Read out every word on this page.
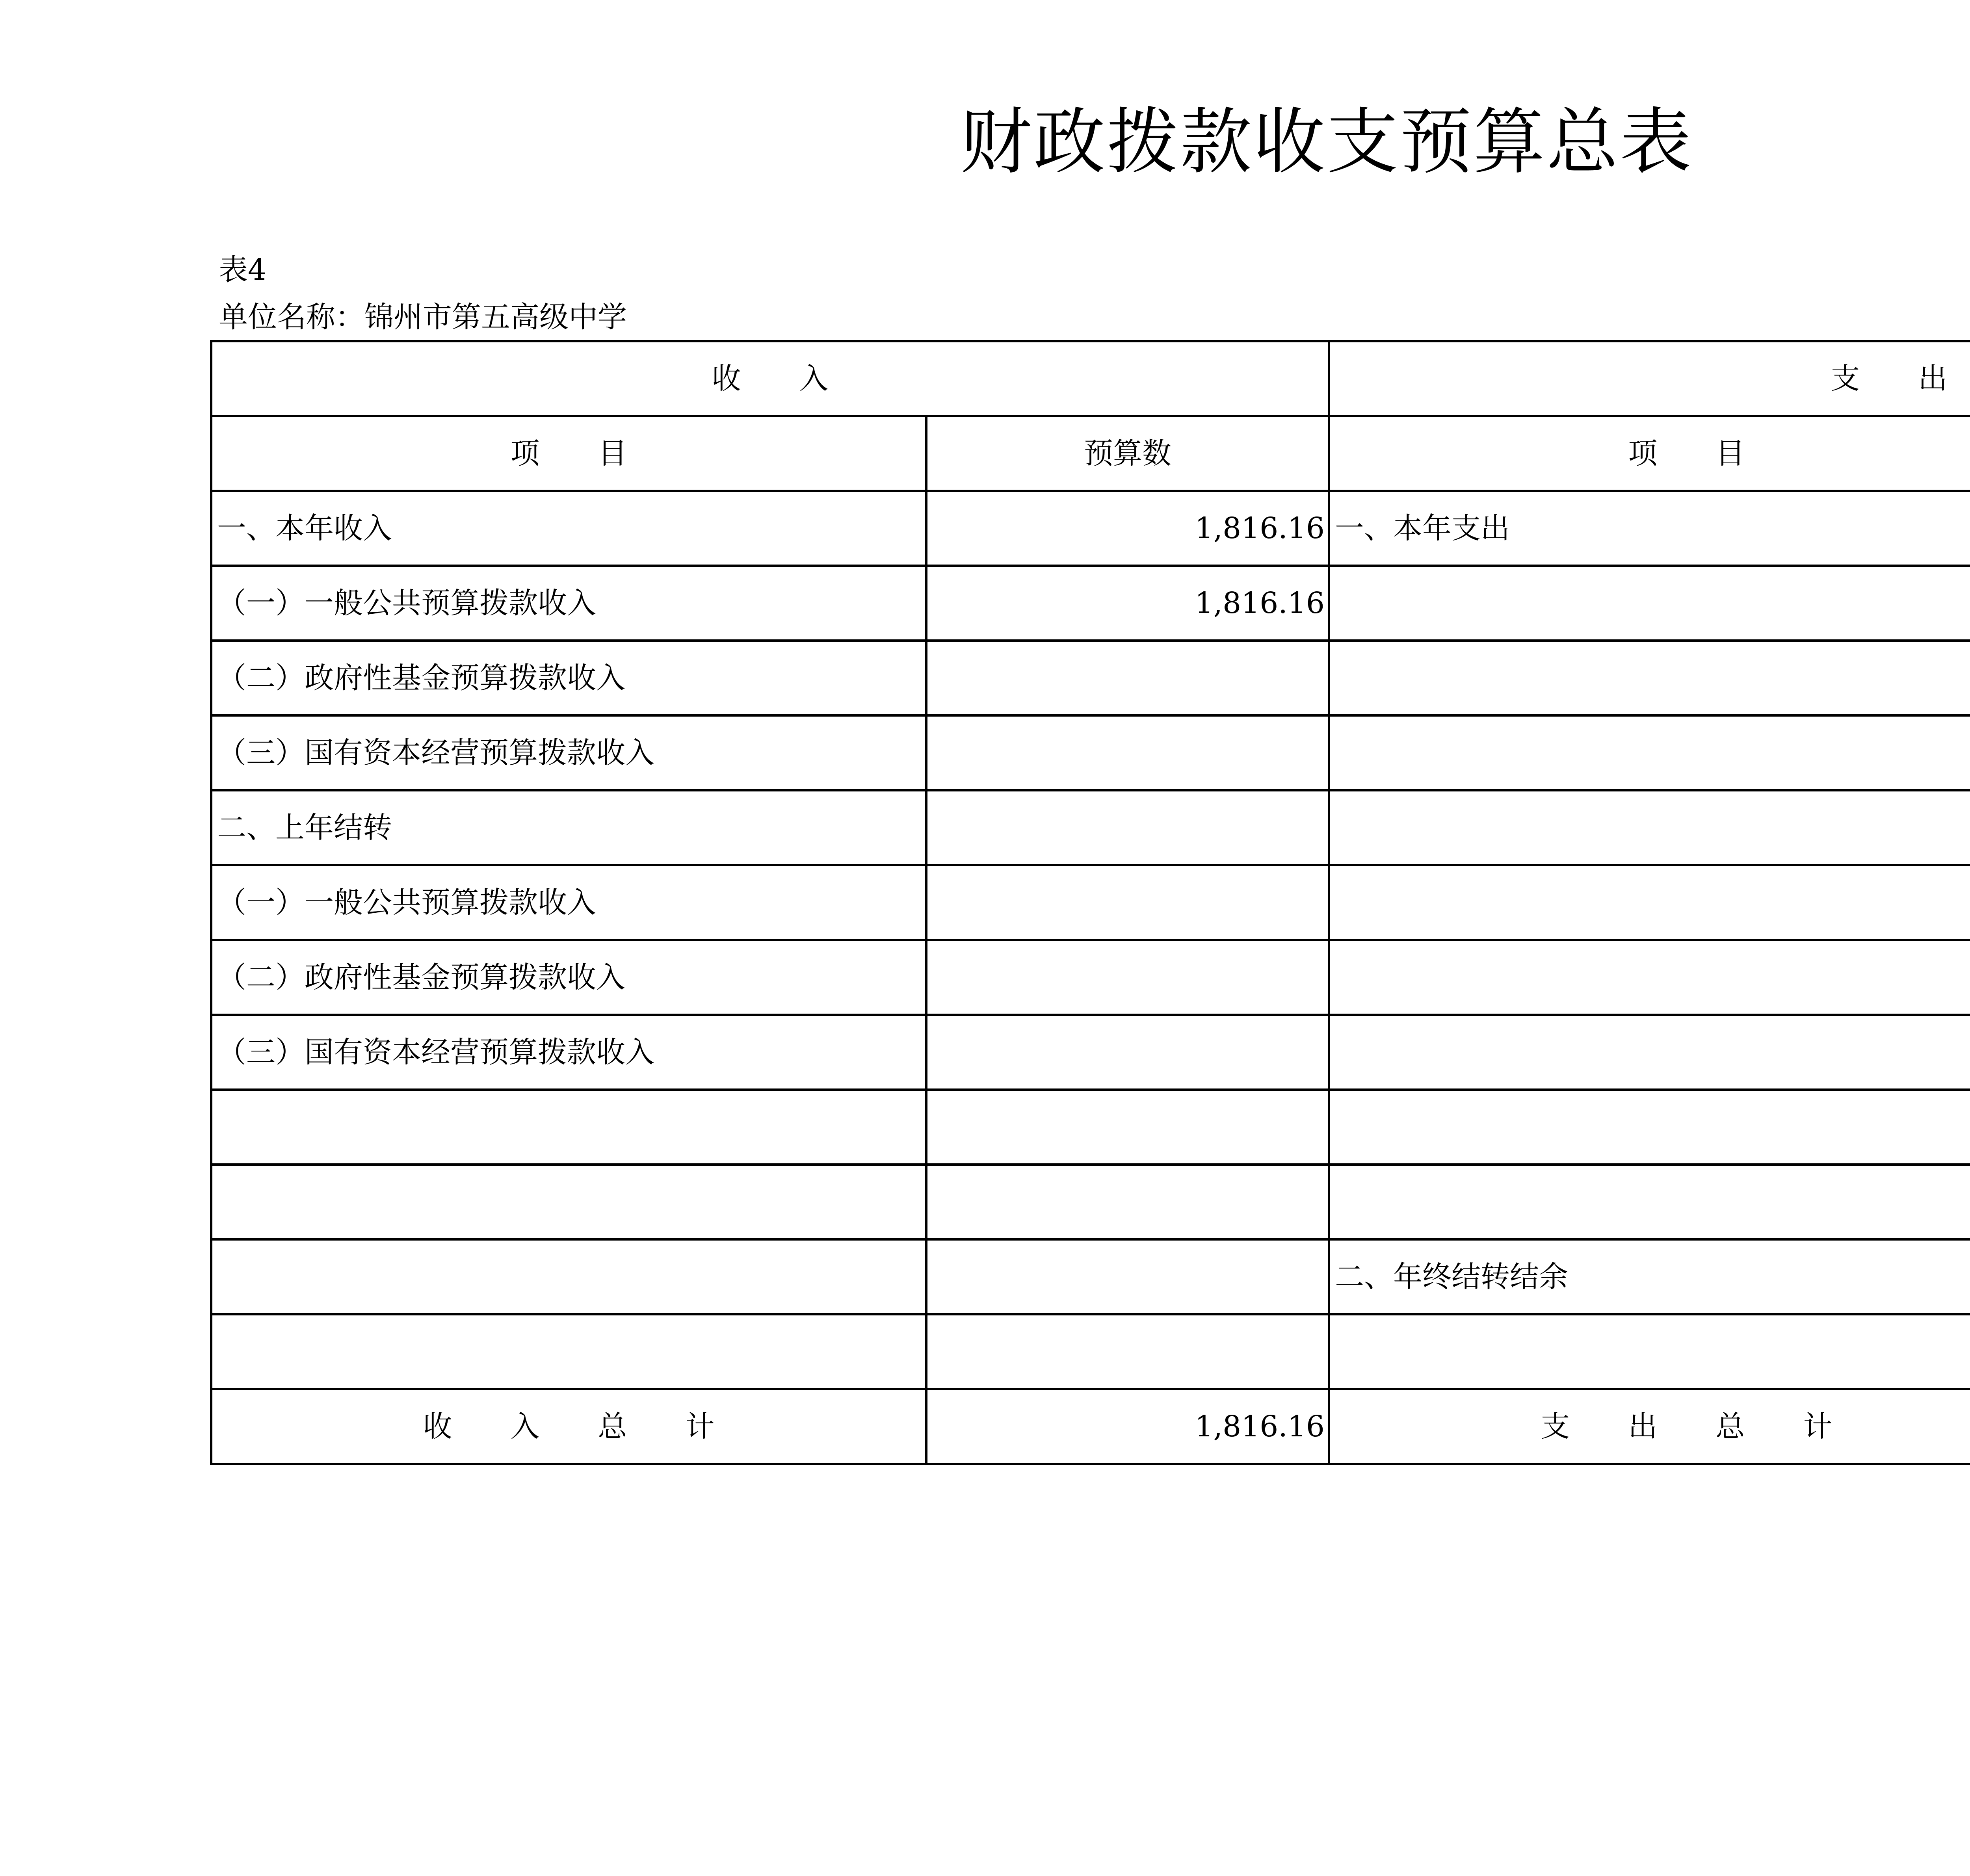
财政拨款收支预算总表
表4
单位名称：锦州市第五高级中学
收　　入		支　　出	
项　　目	预算数	项　　目	
一、本年收入	1,816.16	一、本年支出	
（一）一般公共预算拨款收入	1,816.16		
（二）政府性基金预算拨款收入			
（三）国有资本经营预算拨款收入			
二、上年结转			
（一）一般公共预算拨款收入			
（二）政府性基金预算拨款收入			
（三）国有资本经营预算拨款收入			

		二、年终结转结余	

收　　入　　总　　计	1,816.16	支　　出　　总　　计	
